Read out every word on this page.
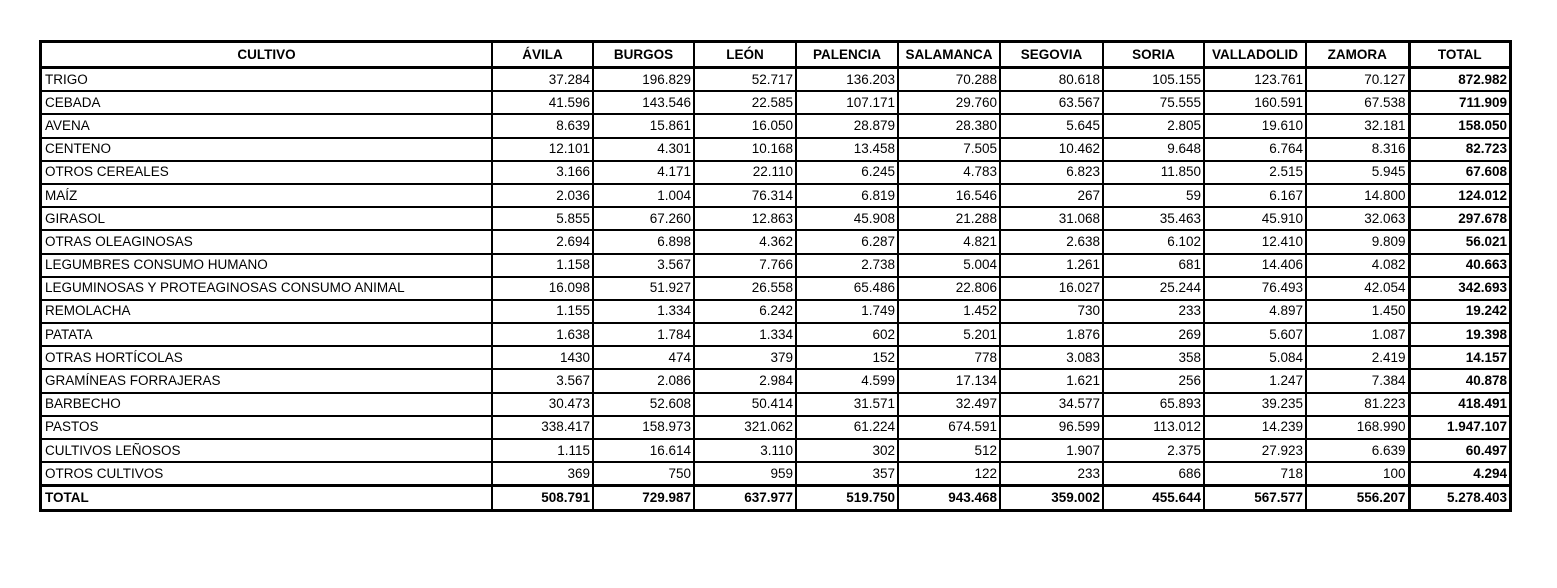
CULTIVO	ÁVILA	BURGOS	LEÓN	PALENCIA	SALAMANCA	SEGOVIA	SORIA	VALLADOLID	ZAMORA	TOTAL
TRIGO	37.284	196.829	52.717	136.203	70.288	80.618	105.155	123.761	70.127	872.982
CEBADA	41.596	143.546	22.585	107.171	29.760	63.567	75.555	160.591	67.538	711.909
AVENA	8.639	15.861	16.050	28.879	28.380	5.645	2.805	19.610	32.181	158.050
CENTENO	12.101	4.301	10.168	13.458	7.505	10.462	9.648	6.764	8.316	82.723
OTROS CEREALES	3.166	4.171	22.110	6.245	4.783	6.823	11.850	2.515	5.945	67.608
MAÍZ	2.036	1.004	76.314	6.819	16.546	267	59	6.167	14.800	124.012
GIRASOL	5.855	67.260	12.863	45.908	21.288	31.068	35.463	45.910	32.063	297.678
OTRAS OLEAGINOSAS	2.694	6.898	4.362	6.287	4.821	2.638	6.102	12.410	9.809	56.021
LEGUMBRES CONSUMO HUMANO	1.158	3.567	7.766	2.738	5.004	1.261	681	14.406	4.082	40.663
LEGUMINOSAS Y PROTEAGINOSAS CONSUMO ANIMAL	16.098	51.927	26.558	65.486	22.806	16.027	25.244	76.493	42.054	342.693
REMOLACHA	1.155	1.334	6.242	1.749	1.452	730	233	4.897	1.450	19.242
PATATA	1.638	1.784	1.334	602	5.201	1.876	269	5.607	1.087	19.398
OTRAS HORTÍCOLAS	1430	474	379	152	778	3.083	358	5.084	2.419	14.157
GRAMÍNEAS FORRAJERAS	3.567	2.086	2.984	4.599	17.134	1.621	256	1.247	7.384	40.878
BARBECHO	30.473	52.608	50.414	31.571	32.497	34.577	65.893	39.235	81.223	418.491
PASTOS	338.417	158.973	321.062	61.224	674.591	96.599	113.012	14.239	168.990	1.947.107
CULTIVOS LEÑOSOS	1.115	16.614	3.110	302	512	1.907	2.375	27.923	6.639	60.497
OTROS CULTIVOS	369	750	959	357	122	233	686	718	100	4.294
TOTAL	508.791	729.987	637.977	519.750	943.468	359.002	455.644	567.577	556.207	5.278.403
